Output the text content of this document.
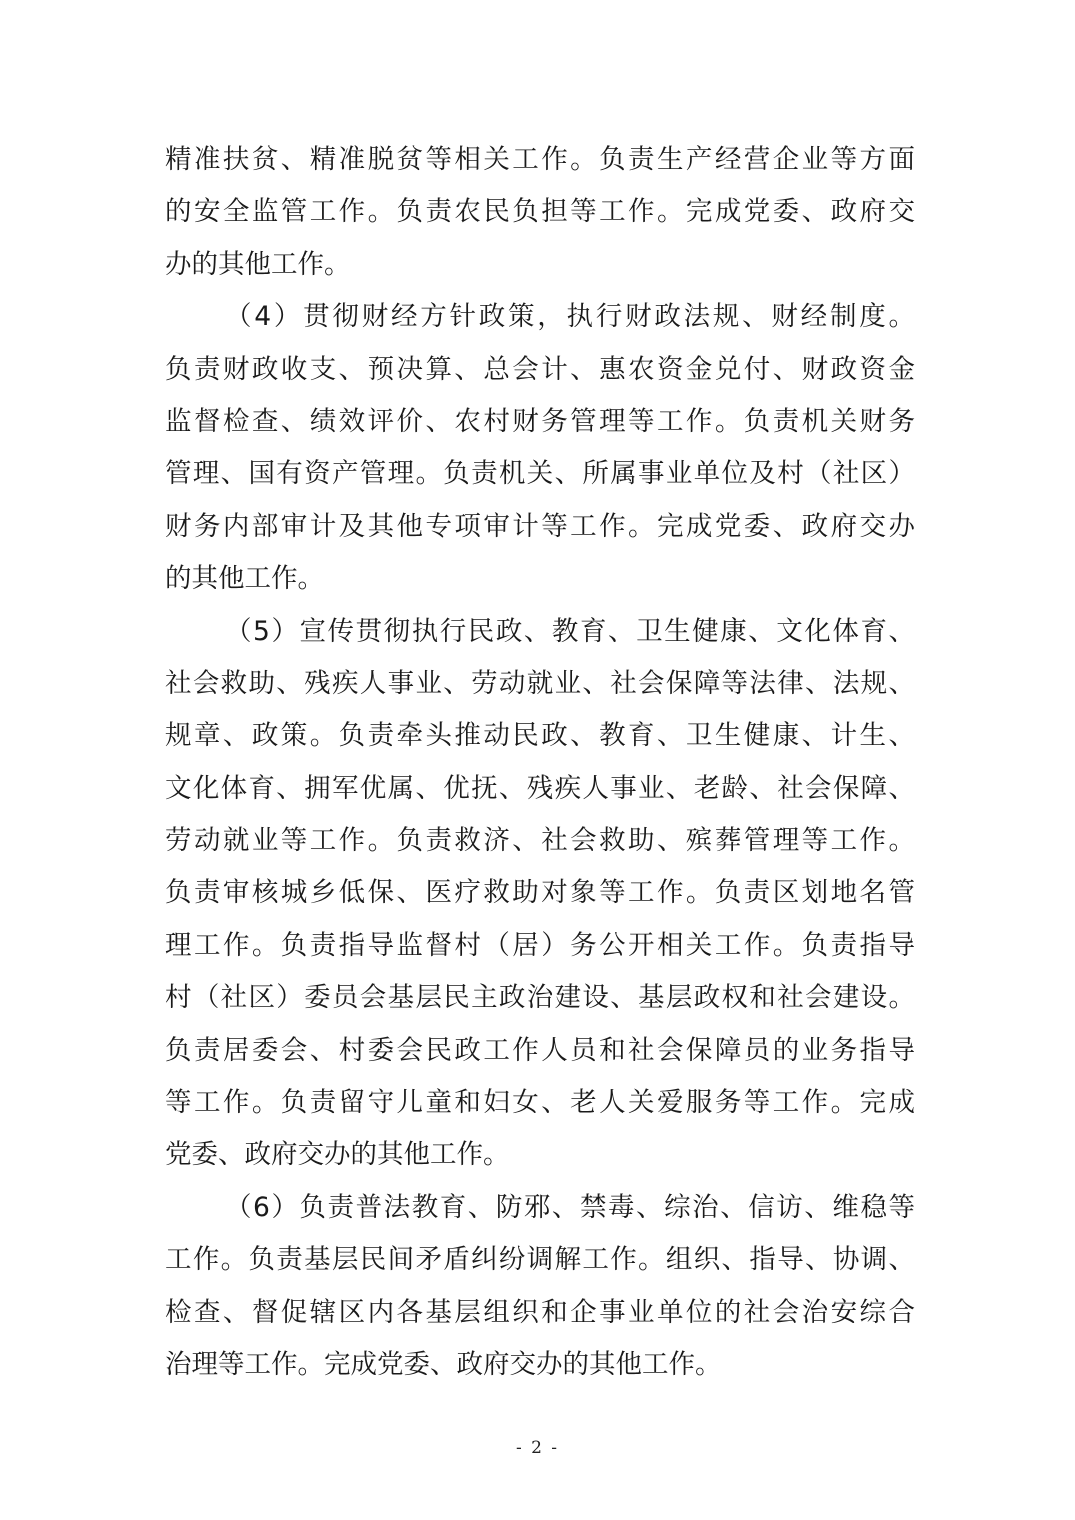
精准扶贫、精准脱贫等相关工作。负责生产经营企业等方面
的安全监管工作。负责农民负担等工作。完成党委、政府交
办的其他工作。
（4）贯彻财经方针政策，执行财政法规、财经制度。
负责财政收支、预决算、总会计、惠农资金兑付、财政资金
监督检查、绩效评价、农村财务管理等工作。负责机关财务
管理、国有资产管理。负责机关、所属事业单位及村（社区）
财务内部审计及其他专项审计等工作。完成党委、政府交办
的其他工作。
（5）宣传贯彻执行民政、教育、卫生健康、文化体育、
社会救助、残疾人事业、劳动就业、社会保障等法律、法规、
规章、政策。负责牵头推动民政、教育、卫生健康、计生、
文化体育、拥军优属、优抚、残疾人事业、老龄、社会保障、
劳动就业等工作。负责救济、社会救助、殡葬管理等工作。
负责审核城乡低保、医疗救助对象等工作。负责区划地名管
理工作。负责指导监督村（居）务公开相关工作。负责指导
村（社区）委员会基层民主政治建设、基层政权和社会建设。
负责居委会、村委会民政工作人员和社会保障员的业务指导
等工作。负责留守儿童和妇女、老人关爱服务等工作。完成
党委、政府交办的其他工作。
（6）负责普法教育、防邪、禁毒、综治、信访、维稳等
工作。负责基层民间矛盾纠纷调解工作。组织、指导、协调、
检查、督促辖区内各基层组织和企事业单位的社会治安综合
治理等工作。完成党委、政府交办的其他工作。
- 2 -
